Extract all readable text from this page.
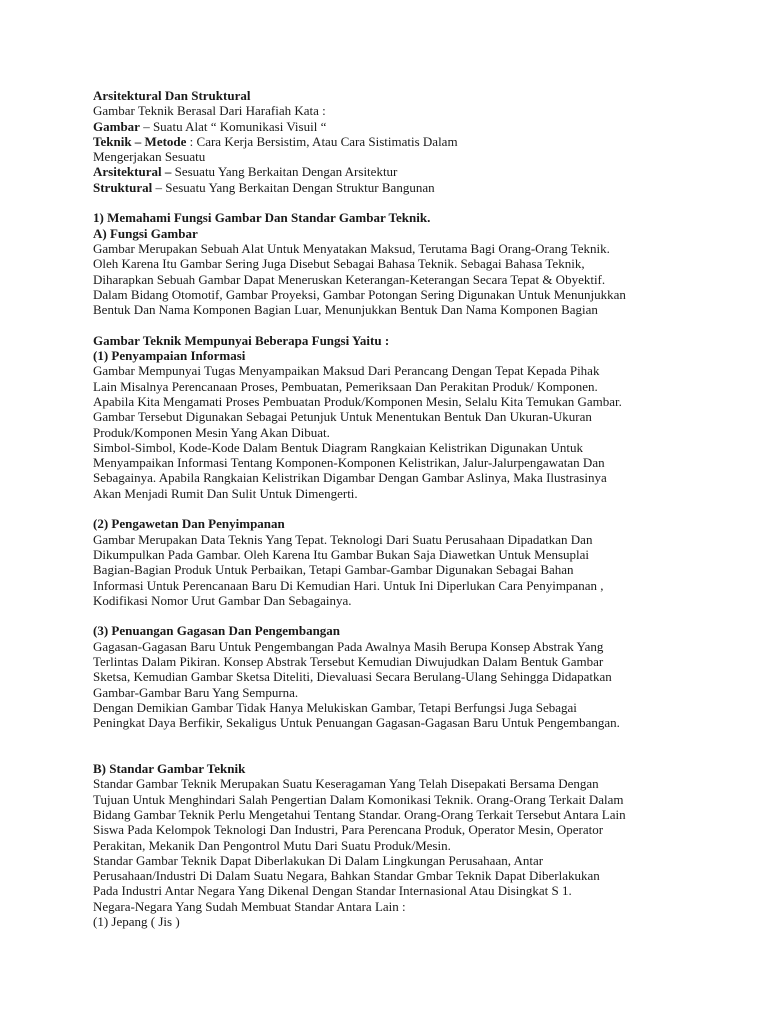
Arsitektural Dan Struktural
Gambar Teknik Berasal Dari Harafiah Kata :
Gambar – Suatu Alat “ Komunikasi Visuil “
Teknik – Metode : Cara Kerja Bersistim, Atau Cara Sistimatis Dalam
Mengerjakan Sesuatu
Arsitektural – Sesuatu Yang Berkaitan Dengan Arsitektur
Struktural – Sesuatu Yang Berkaitan Dengan Struktur Bangunan
1) Memahami Fungsi Gambar Dan Standar Gambar Teknik.
A) Fungsi Gambar
Gambar Merupakan Sebuah Alat Untuk Menyatakan Maksud, Terutama Bagi Orang-Orang Teknik.
Oleh Karena Itu Gambar Sering Juga Disebut Sebagai Bahasa Teknik. Sebagai Bahasa Teknik,
Diharapkan Sebuah Gambar Dapat Meneruskan Keterangan-Keterangan Secara Tepat & Obyektif.
Dalam Bidang Otomotif, Gambar Proyeksi, Gambar Potongan Sering Digunakan Untuk Menunjukkan
Bentuk Dan Nama Komponen Bagian Luar, Menunjukkan Bentuk Dan Nama Komponen Bagian
Gambar Teknik Mempunyai Beberapa Fungsi Yaitu :
(1) Penyampaian Informasi
Gambar Mempunyai Tugas Menyampaikan Maksud Dari Perancang Dengan Tepat Kepada Pihak
Lain Misalnya Perencanaan Proses, Pembuatan, Pemeriksaan Dan Perakitan Produk/ Komponen.
Apabila Kita Mengamati Proses Pembuatan Produk/Komponen Mesin, Selalu Kita Temukan Gambar.
Gambar Tersebut Digunakan Sebagai Petunjuk Untuk Menentukan Bentuk Dan Ukuran-Ukuran
Produk/Komponen Mesin Yang Akan Dibuat.
Simbol-Simbol, Kode-Kode Dalam Bentuk Diagram Rangkaian Kelistrikan Digunakan Untuk
Menyampaikan Informasi Tentang Komponen-Komponen Kelistrikan, Jalur-Jalurpengawatan Dan
Sebagainya. Apabila Rangkaian Kelistrikan Digambar Dengan Gambar Aslinya, Maka Ilustrasinya
Akan Menjadi Rumit Dan Sulit Untuk Dimengerti.
(2) Pengawetan Dan Penyimpanan
Gambar Merupakan Data Teknis Yang Tepat. Teknologi Dari Suatu Perusahaan Dipadatkan Dan
Dikumpulkan Pada Gambar. Oleh Karena Itu Gambar Bukan Saja Diawetkan Untuk Mensuplai
Bagian-Bagian Produk Untuk Perbaikan, Tetapi Gambar-Gambar Digunakan Sebagai Bahan
Informasi Untuk Perencanaan Baru Di Kemudian Hari. Untuk Ini Diperlukan Cara Penyimpanan ,
Kodifikasi Nomor Urut Gambar Dan Sebagainya.
(3) Penuangan Gagasan Dan Pengembangan
Gagasan-Gagasan Baru Untuk Pengembangan Pada Awalnya Masih Berupa Konsep Abstrak Yang
Terlintas Dalam Pikiran. Konsep Abstrak Tersebut Kemudian Diwujudkan Dalam Bentuk Gambar
Sketsa, Kemudian Gambar Sketsa Diteliti, Dievaluasi Secara Berulang-Ulang Sehingga Didapatkan
Gambar-Gambar Baru Yang Sempurna.
Dengan Demikian Gambar Tidak Hanya Melukiskan Gambar, Tetapi Berfungsi Juga Sebagai
Peningkat Daya Berfikir, Sekaligus Untuk Penuangan Gagasan-Gagasan Baru Untuk Pengembangan.
B) Standar Gambar Teknik
Standar Gambar Teknik Merupakan Suatu Keseragaman Yang Telah Disepakati Bersama Dengan
Tujuan Untuk Menghindari Salah Pengertian Dalam Komonikasi Teknik. Orang-Orang Terkait Dalam
Bidang Gambar Teknik Perlu Mengetahui Tentang Standar. Orang-Orang Terkait Tersebut Antara Lain
Siswa Pada Kelompok Teknologi Dan Industri, Para Perencana Produk, Operator Mesin, Operator
Perakitan, Mekanik Dan Pengontrol Mutu Dari Suatu Produk/Mesin.
Standar Gambar Teknik Dapat Diberlakukan Di Dalam Lingkungan Perusahaan, Antar
Perusahaan/Industri Di Dalam Suatu Negara, Bahkan Standar Gmbar Teknik Dapat Diberlakukan
Pada Industri Antar Negara Yang Dikenal Dengan Standar Internasional Atau Disingkat S 1.
Negara-Negara Yang Sudah Membuat Standar Antara Lain :
(1) Jepang ( Jis )
